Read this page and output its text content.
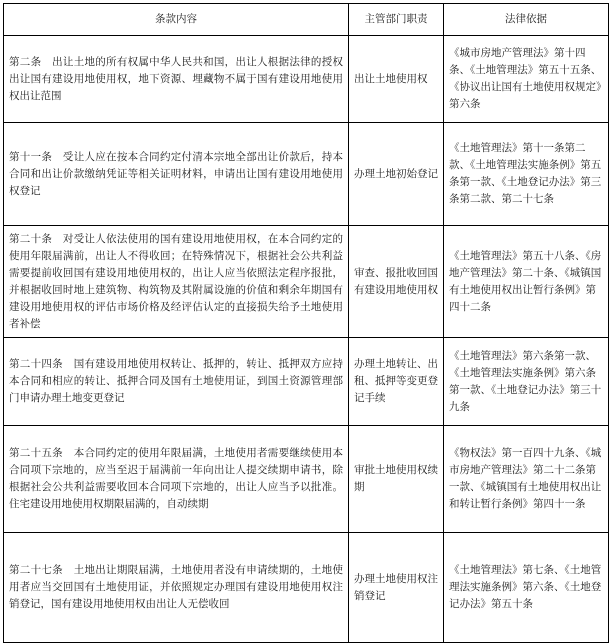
条款内容	主管部门职责	法律依据
第二条　出让土地的所有权属中华人民共和国，出让人根据法律的授权出让国有建设用地使用权，地下资源、埋藏物不属于国有建设用地使用权出让范围	出让土地使用权	《城市房地产管理法》第十四条、《土地管理法》第五十五条、《协议出让国有土地使用权规定》第六条
第十一条　受让人应在按本合同约定付清本宗地全部出让价款后，持本合同和出让价款缴纳凭证等相关证明材料，申请出让国有建设用地使用权登记	办理土地初始登记	《土地管理法》第十一条第二款、《土地管理法实施条例》第五条第一款、《土地登记办法》第三条第二款、第二十七条
第二十条　对受让人依法使用的国有建设用地使用权，在本合同约定的使用年限届满前，出让人不得收回；在特殊情况下，根据社会公共利益需要提前收回国有建设用地使用权的，出让人应当依照法定程序报批，并根据收回时地上建筑物、构筑物及其附属设施的价值和剩余年期国有建设用地使用权的评估市场价格及经评估认定的直接损失给予土地使用者补偿	审查、报批收回国有建设用地使用权	《土地管理法》第五十八条、《房地产管理法》第二十条、《城镇国有土地使用权出让暂行条例》第四十二条
第二十四条　国有建设用地使用权转让、抵押的，转让、抵押双方应持本合同和相应的转让、抵押合同及国有土地使用证，到国土资源管理部门申请办理土地变更登记	办理土地转让、出租、抵押等变更登记手续	《土地管理法》第六条第一款、《土地管理法实施条例》第六条第一款、《土地登记办法》第三十九条
第二十五条　本合同约定的使用年限届满，土地使用者需要继续使用本合同项下宗地的，应当至迟于届满前一年向出让人提交续期申请书，除根据社会公共利益需要收回本合同项下宗地的，出让人应当予以批准。住宅建设用地使用权期限届满的，自动续期	审批土地使用权续期	《物权法》第一百四十九条、《城市房地产管理法》第二十二条第一款、《城镇国有土地使用权出让和转让暂行条例》第四十一条
第二十七条　土地出让期限届满，土地使用者没有申请续期的，土地使用者应当交回国有土地使用证，并依照规定办理国有建设用地使用权注销登记，国有建设用地使用权由出让人无偿收回	办理土地使用权注销登记	《土地管理法》第七条、《土地管理法实施条例》第六条、《土地登记办法》第五十条
